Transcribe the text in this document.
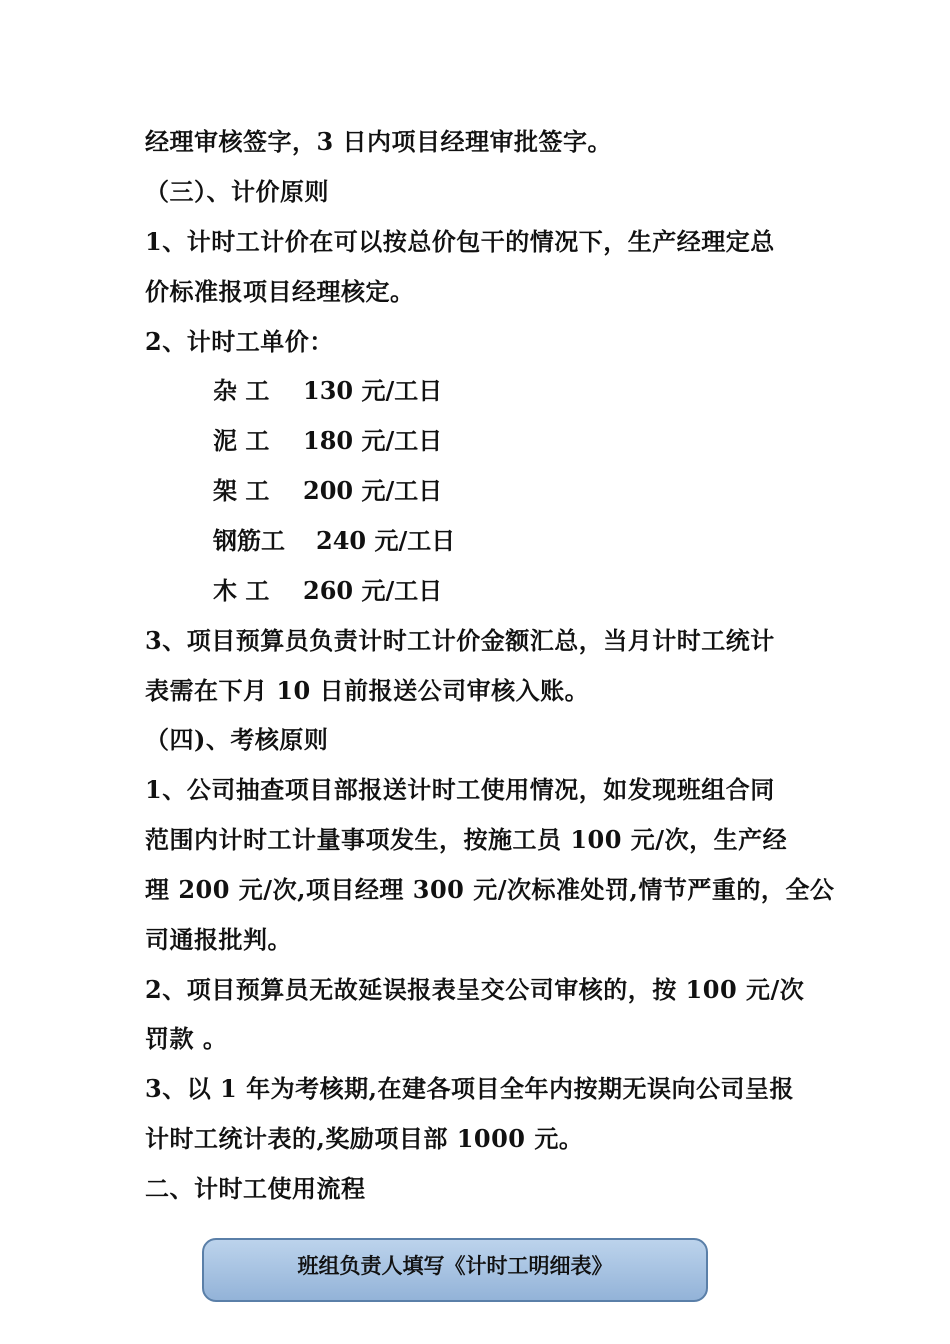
经理审核签字，3 日内项目经理审批签字。
（三）、计价原则
1、计时工计价在可以按总价包干的情况下，生产经理定总
价标准报项目经理核定。
2、计时工单价：
杂 工 130 元/工日
泥 工 180 元/工日
架 工 200 元/工日
钢筋工 240 元/工日
木 工 260 元/工日
3、项目预算员负责计时工计价金额汇总，当月计时工统计
表需在下月 10 日前报送公司审核入账。
（四)、考核原则
1、公司抽查项目部报送计时工使用情况，如发现班组合同
范围内计时工计量事项发生，按施工员 100 元/次，生产经
理 200 元/次,项目经理 300 元/次标准处罚,情节严重的，全公
司通报批判。
2、项目预算员无故延误报表呈交公司审核的，按 100 元/次
罚款 。
3、以 1 年为考核期,在建各项目全年内按期无误向公司呈报
计时工统计表的,奖励项目部 1000 元。
二、计时工使用流程
班组负责人填写《计时工明细表》
